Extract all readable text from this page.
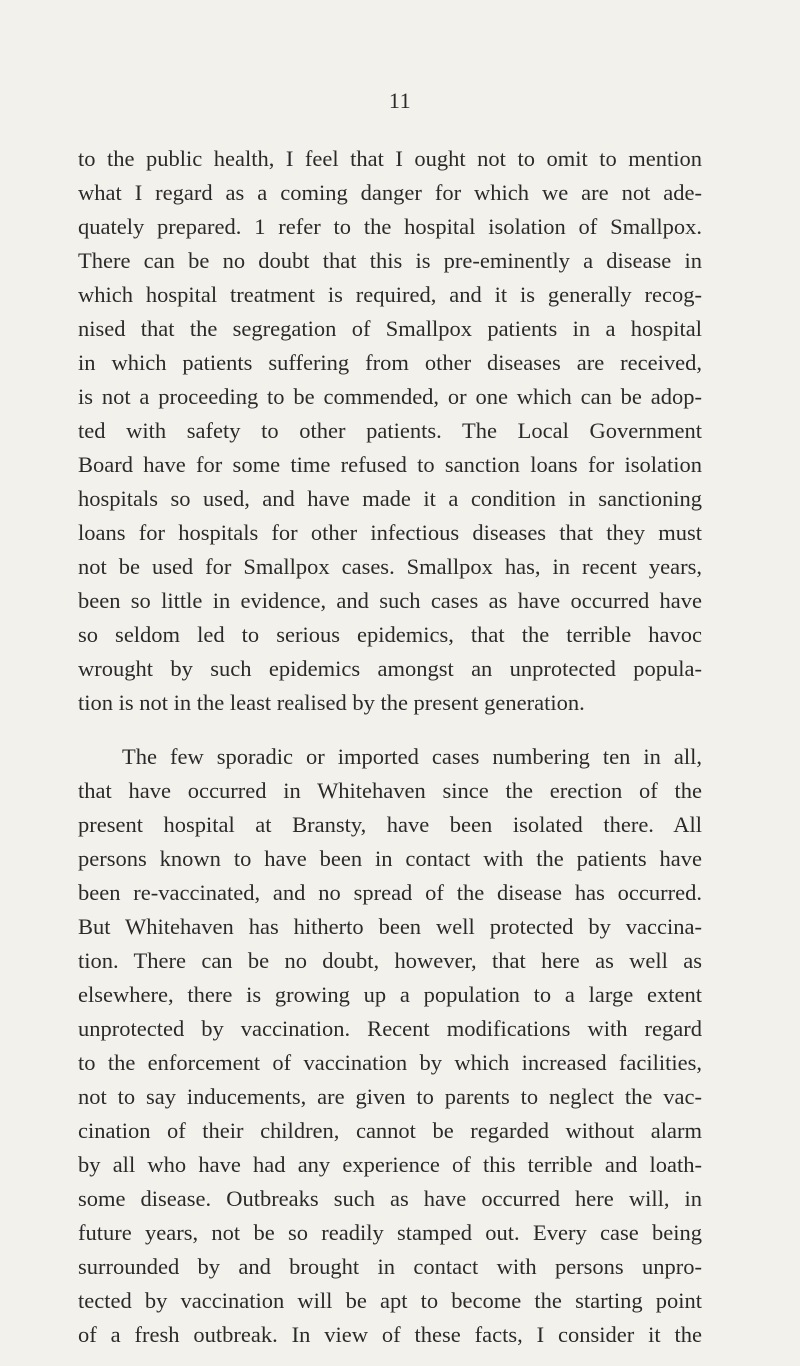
11
to the public health, I feel that I ought not to omit to mention
what I regard as a coming danger for which we are not ade-
quately prepared. 1 refer to the hospital isolation of Smallpox.
There can be no doubt that this is pre-eminently a disease in
which hospital treatment is required, and it is generally recog-
nised that the segregation of Smallpox patients in a hospital
in which patients suffering from other diseases are received,
is not a proceeding to be commended, or one which can be adop-
ted with safety to other patients. The Local Government
Board have for some time refused to sanction loans for isolation
hospitals so used, and have made it a condition in sanctioning
loans for hospitals for other infectious diseases that they must
not be used for Smallpox cases. Smallpox has, in recent years,
been so little in evidence, and such cases as have occurred have
so seldom led to serious epidemics, that the terrible havoc
wrought by such epidemics amongst an unprotected popula-
tion is not in the least realised by the present generation.
The few sporadic or imported cases numbering ten in all,
that have occurred in Whitehaven since the erection of the
present hospital at Bransty, have been isolated there. All
persons known to have been in contact with the patients have
been re-vaccinated, and no spread of the disease has occurred.
But Whitehaven has hitherto been well protected by vaccina-
tion. There can be no doubt, however, that here as well as
elsewhere, there is growing up a population to a large extent
unprotected by vaccination. Recent modifications with regard
to the enforcement of vaccination by which increased facilities,
not to say inducements, are given to parents to neglect the vac-
cination of their children, cannot be regarded without alarm
by all who have had any experience of this terrible and loath-
some disease. Outbreaks such as have occurred here will, in
future years, not be so readily stamped out. Every case being
surrounded by and brought in contact with persons unpro-
tected by vaccination will be apt to become the starting point
of a fresh outbreak. In view of these facts, I consider it the
